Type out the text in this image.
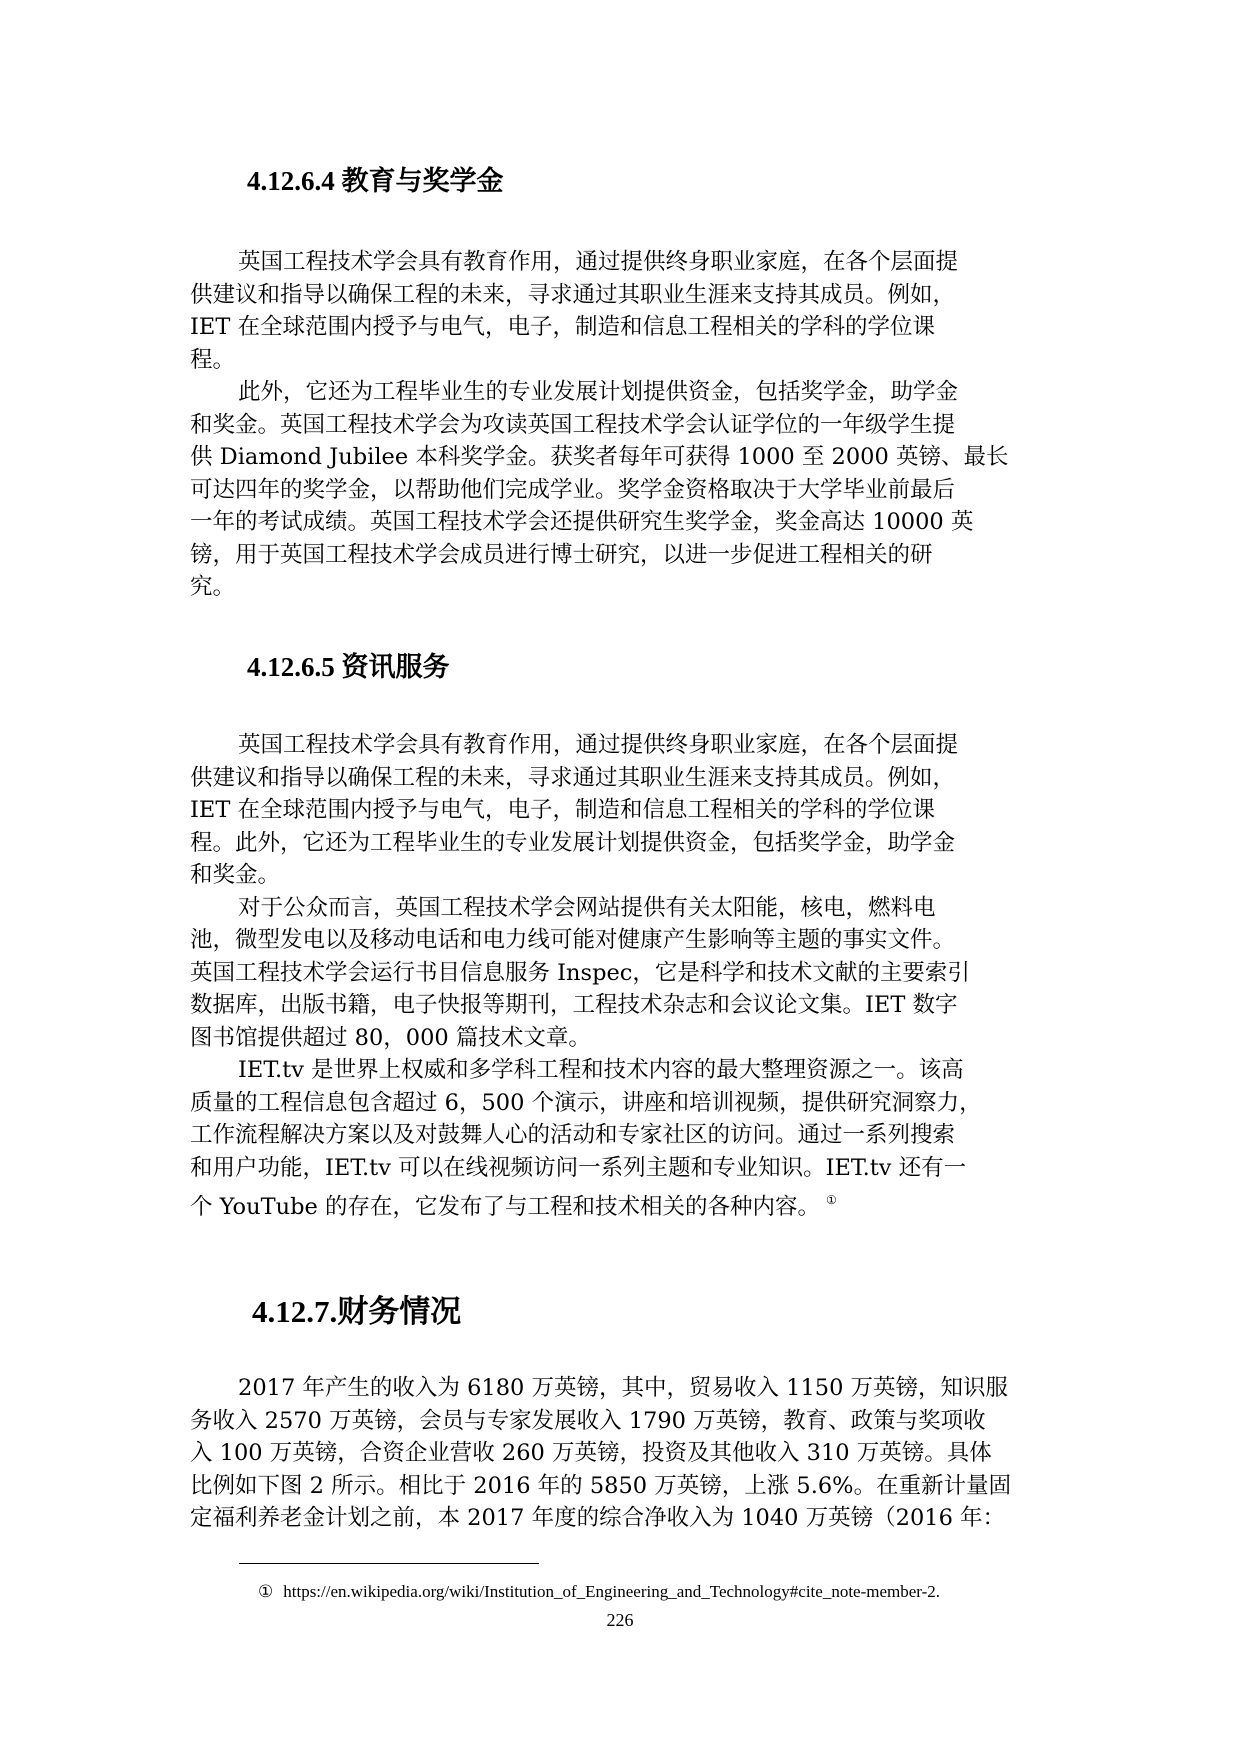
4.12.6.4 教育与奖学金
英国工程技术学会具有教育作用，通过提供终身职业家庭，在各个层面提
供建议和指导以确保工程的未来，寻求通过其职业生涯来支持其成员。例如，
IET 在全球范围内授予与电气，电子，制造和信息工程相关的学科的学位课
程。
此外，它还为工程毕业生的专业发展计划提供资金，包括奖学金，助学金
和奖金。英国工程技术学会为攻读英国工程技术学会认证学位的一年级学生提
供 Diamond Jubilee 本科奖学金。获奖者每年可获得 1000 至 2000 英镑、最长
可达四年的奖学金，以帮助他们完成学业。奖学金资格取决于大学毕业前最后
一年的考试成绩。英国工程技术学会还提供研究生奖学金，奖金高达 10000 英
镑，用于英国工程技术学会成员进行博士研究，以进一步促进工程相关的研
究。
4.12.6.5 资讯服务
英国工程技术学会具有教育作用，通过提供终身职业家庭，在各个层面提
供建议和指导以确保工程的未来，寻求通过其职业生涯来支持其成员。例如，
IET 在全球范围内授予与电气，电子，制造和信息工程相关的学科的学位课
程。此外，它还为工程毕业生的专业发展计划提供资金，包括奖学金，助学金
和奖金。
对于公众而言，英国工程技术学会网站提供有关太阳能，核电，燃料电
池，微型发电以及移动电话和电力线可能对健康产生影响等主题的事实文件。
英国工程技术学会运行书目信息服务 Inspec，它是科学和技术文献的主要索引
数据库，出版书籍，电子快报等期刊，工程技术杂志和会议论文集。IET 数字
图书馆提供超过 80，000 篇技术文章。
IET.tv 是世界上权威和多学科工程和技术内容的最大整理资源之一。该高
质量的工程信息包含超过 6，500 个演示，讲座和培训视频，提供研究洞察力，
工作流程解决方案以及对鼓舞人心的活动和专家社区的访问。通过一系列搜索
和用户功能，IET.tv 可以在线视频访问一系列主题和专业知识。IET.tv 还有一
个 YouTube 的存在，它发布了与工程和技术相关的各种内容。 ①
4.12.7.财务情况
2017 年产生的收入为 6180 万英镑，其中，贸易收入 1150 万英镑，知识服
务收入 2570 万英镑，会员与专家发展收入 1790 万英镑，教育、政策与奖项收
入 100 万英镑，合资企业营收 260 万英镑，投资及其他收入 310 万英镑。具体
比例如下图 2 所示。相比于 2016 年的 5850 万英镑，上涨 5.6%。在重新计量固
定福利养老金计划之前，本 2017 年度的综合净收入为 1040 万英镑（2016 年：
① https://en.wikipedia.org/wiki/Institution_of_Engineering_and_Technology#cite_note-member-2.
226
